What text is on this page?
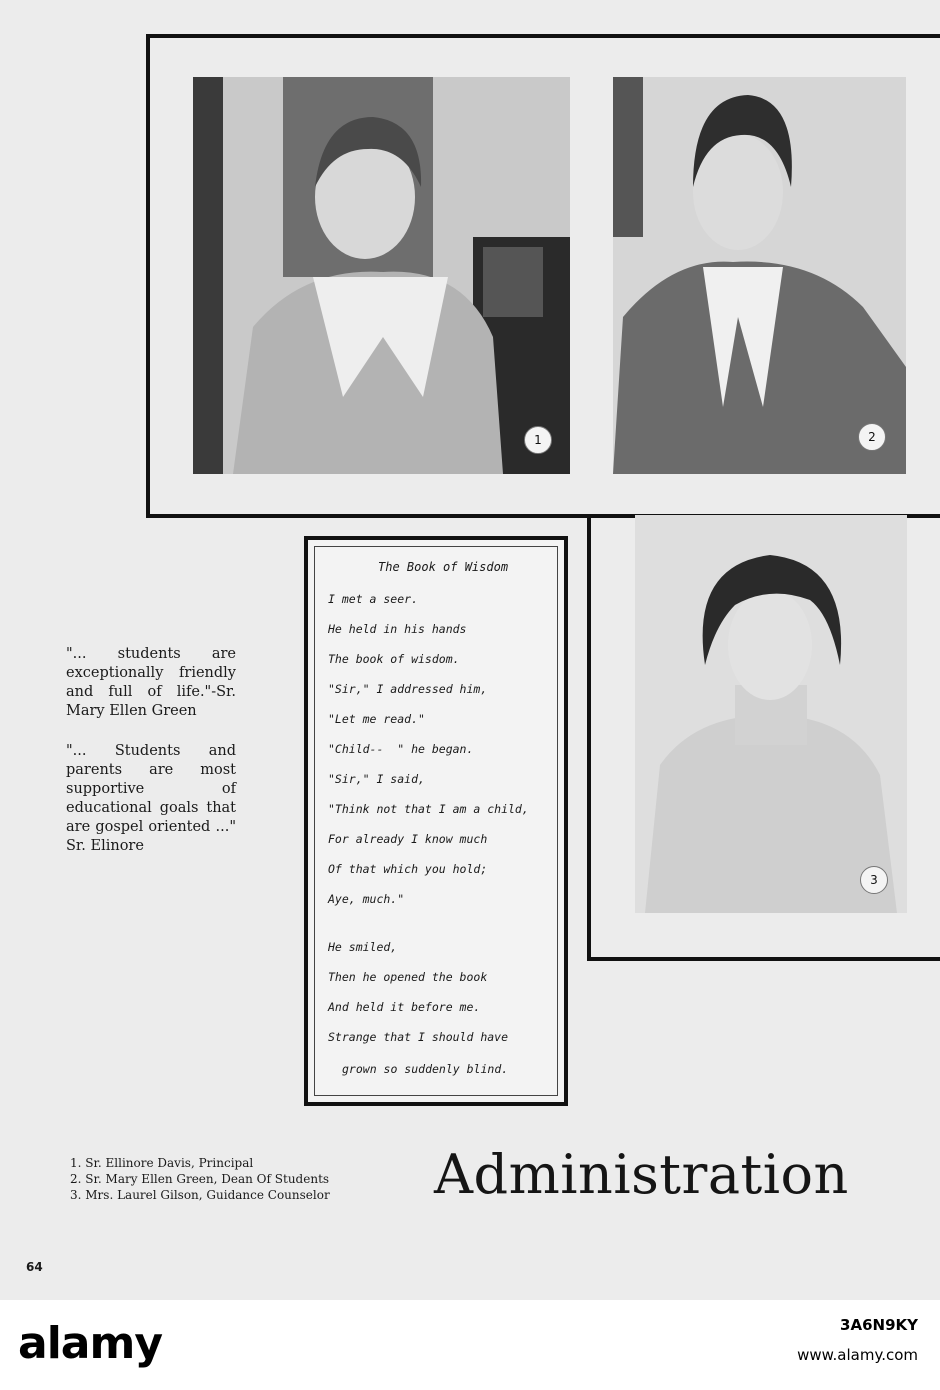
1	2
3
The Book of Wisdom
I met a seer.
He held in his hands
The book of wisdom.
"Sir," I addressed him,
"Let me read."
"Child--  " he began.
"Sir," I said,
"Think not that I am a child,
For already I know much
Of that which you hold;
Aye, much."
He smiled,
Then he opened the book
And held it before me.
Strange that I should have
grown so suddenly blind.
"... students are exceptionally friendly and full of life."-Sr. Mary Ellen Green
"... Students and parents are most supportive of educational goals that are gospel oriented ..." Sr. Elinore
1. Sr. Ellinore Davis, Principal
2. Sr. Mary Ellen Green, Dean Of Students
3. Mrs. Laurel Gilson, Guidance Counselor Administration
64
alamy	3A6N9KY
www.alamy.com
